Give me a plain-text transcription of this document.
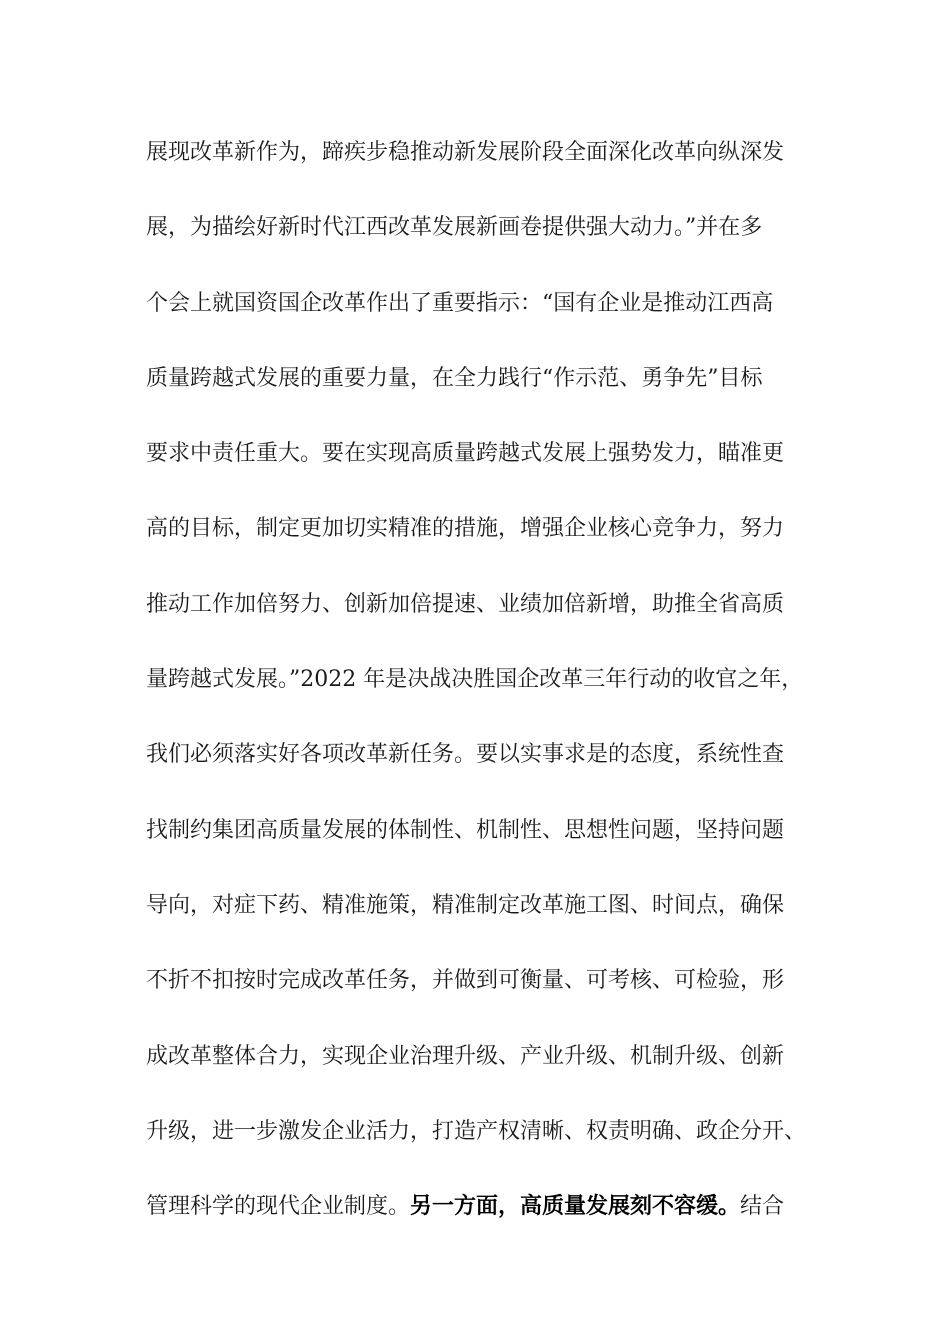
展现改革新作为，蹄疾步稳推动新发展阶段全面深化改革向纵深发
展，为描绘好新时代江西改革发展新画卷提供强大动力。”并在多
个会上就国资国企改革作出了重要指示：“国有企业是推动江西高
质量跨越式发展的重要力量，在全力践行“作示范、勇争先”目标
要求中责任重大。要在实现高质量跨越式发展上强势发力，瞄准更
高的目标，制定更加切实精准的措施，增强企业核心竞争力，努力
推动工作加倍努力、创新加倍提速、业绩加倍新增，助推全省高质
量跨越式发展。”2022 年是决战决胜国企改革三年行动的收官之年，
我们必须落实好各项改革新任务。要以实事求是的态度，系统性查
找制约集团高质量发展的体制性、机制性、思想性问题，坚持问题
导向，对症下药、精准施策，精准制定改革施工图、时间点，确保
不折不扣按时完成改革任务，并做到可衡量、可考核、可检验，形
成改革整体合力，实现企业治理升级、产业升级、机制升级、创新
升级，进一步激发企业活力，打造产权清晰、权责明确、政企分开、
管理科学的现代企业制度。另一方面，高质量发展刻不容缓。结合
